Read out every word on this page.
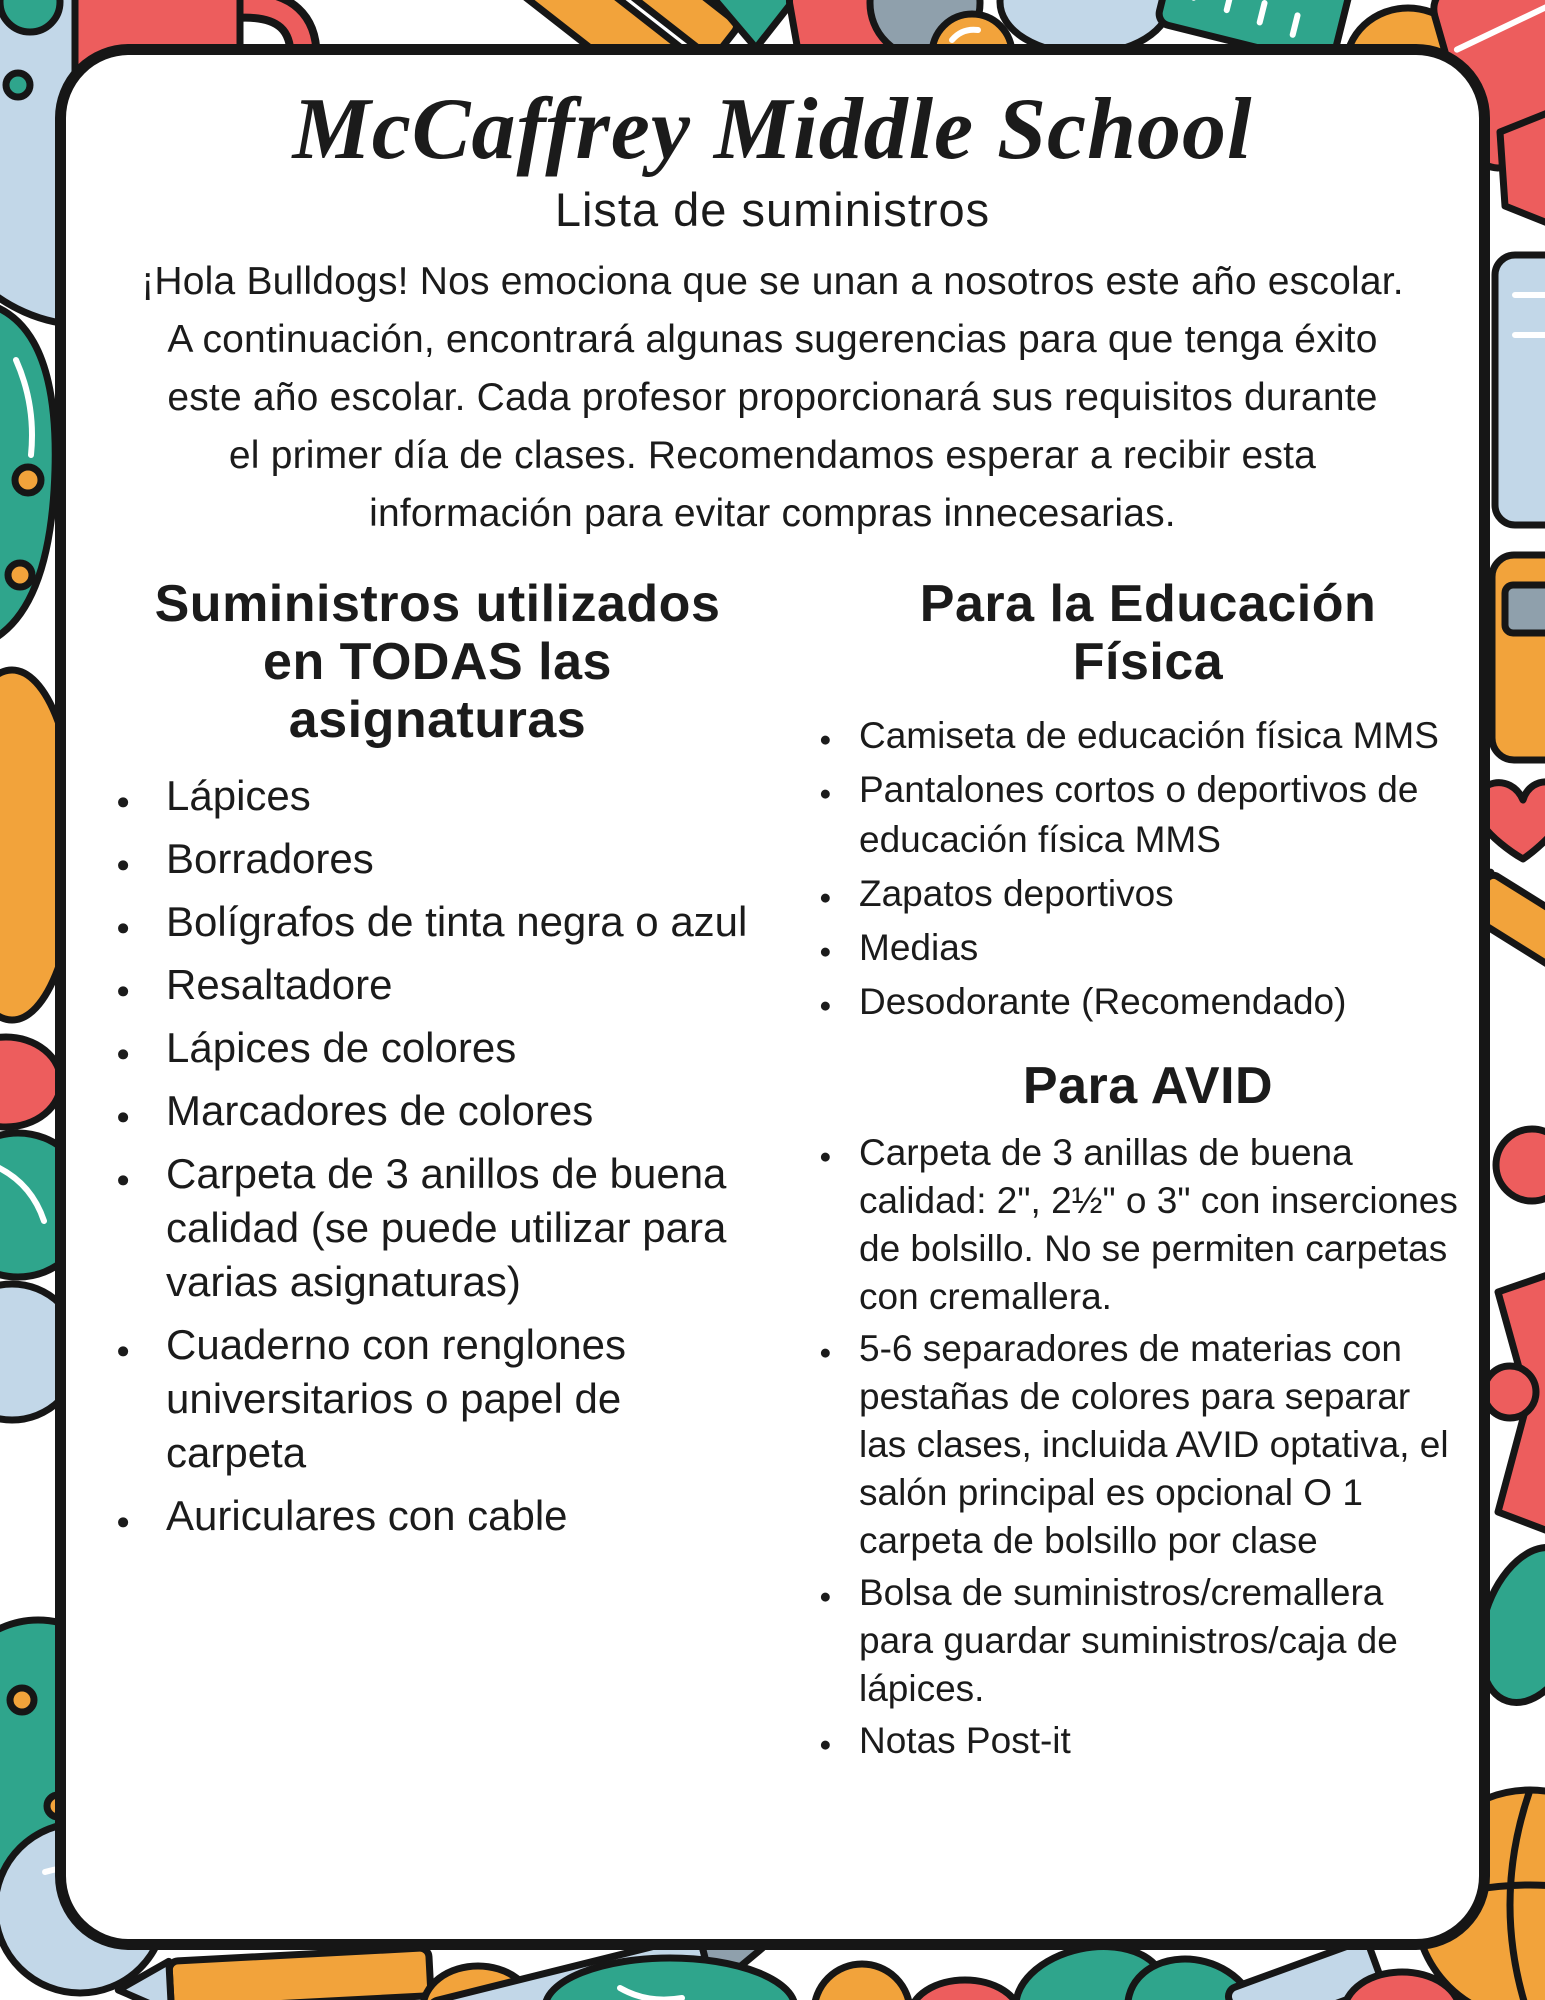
McCaffrey Middle School
Lista de suministros
¡Hola Bulldogs! Nos emociona que se unan a nosotros este año escolar.
A continuación, encontrará algunas sugerencias para que tenga éxito
este año escolar. Cada profesor proporcionará sus requisitos durante
el primer día de clases. Recomendamos esperar a recibir esta
información para evitar compras innecesarias.
Suministros utilizados
en TODAS las
asignaturas
● Lápices
● Borradores
● Bolígrafos de tinta negra o azul
● Resaltadore
● Lápices de colores
● Marcadores de colores
● Carpeta de 3 anillos de buena calidad (se puede utilizar para varias asignaturas)
● Cuaderno con renglones universitarios o papel de carpeta
● Auriculares con cable
Para la Educación
Física
● Camiseta de educación física MMS
● Pantalones cortos o deportivos de educación física MMS
● Zapatos deportivos
● Medias
● Desodorante (Recomendado)
Para AVID
● Carpeta de 3 anillas de buena calidad: 2", 2½" o 3" con inserciones de bolsillo. No se permiten carpetas con cremallera.
● 5-6 separadores de materias con pestañas de colores para separar las clases, incluida AVID optativa, el salón principal es opcional O 1 carpeta de bolsillo por clase
● Bolsa de suministros/cremallera para guardar suministros/caja de lápices.
● Notas Post-it
